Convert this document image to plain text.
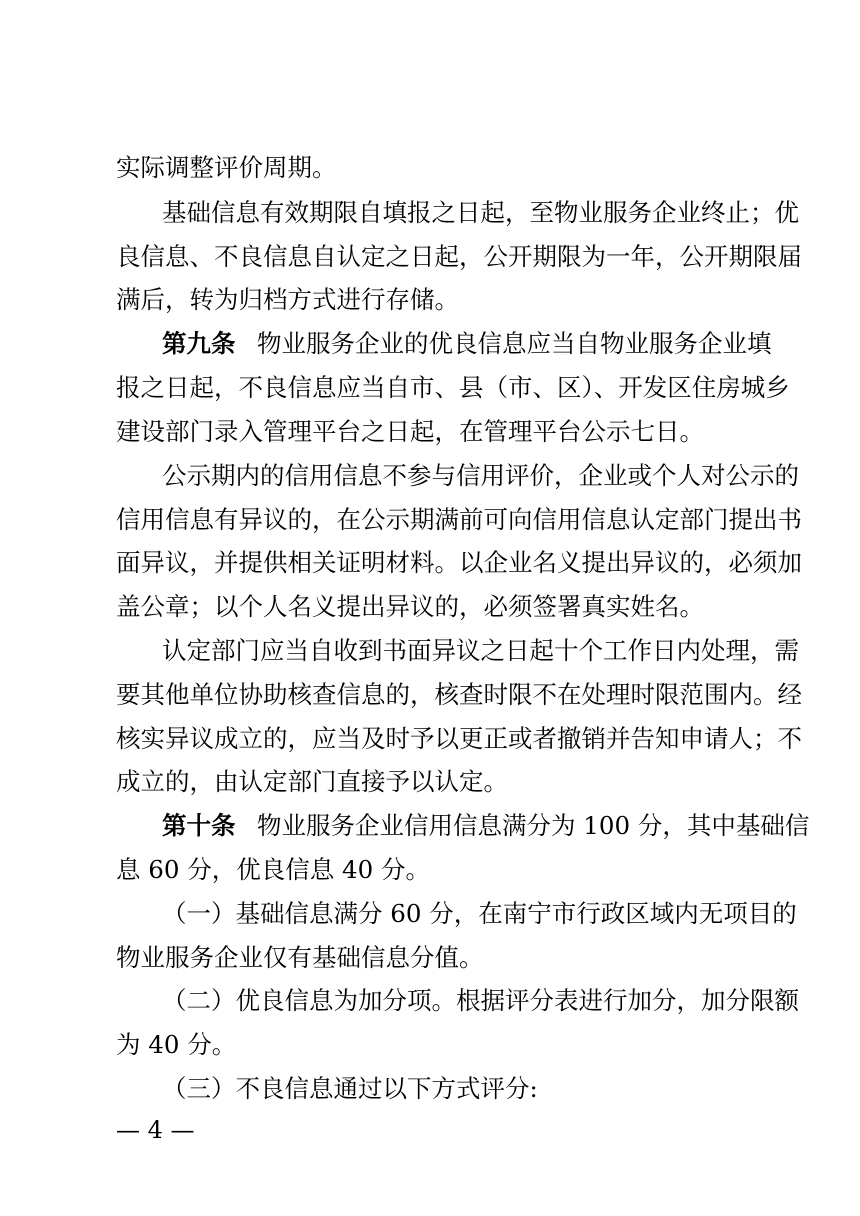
实际调整评价周期。
基础信息有效期限自填报之日起，至物业服务企业终止；优
良信息、不良信息自认定之日起，公开期限为一年，公开期限届
满后，转为归档方式进行存储。
第九条 物业服务企业的优良信息应当自物业服务企业填
报之日起，不良信息应当自市、县（市、区）、开发区住房城乡
建设部门录入管理平台之日起，在管理平台公示七日。
公示期内的信用信息不参与信用评价，企业或个人对公示的
信用信息有异议的，在公示期满前可向信用信息认定部门提出书
面异议，并提供相关证明材料。以企业名义提出异议的，必须加
盖公章；以个人名义提出异议的，必须签署真实姓名。
认定部门应当自收到书面异议之日起十个工作日内处理，需
要其他单位协助核查信息的，核查时限不在处理时限范围内。经
核实异议成立的，应当及时予以更正或者撤销并告知申请人；不
成立的，由认定部门直接予以认定。
第十条 物业服务企业信用信息满分为 100 分，其中基础信
息 60 分，优良信息 40 分。
（一）基础信息满分 60 分，在南宁市行政区域内无项目的
物业服务企业仅有基础信息分值。
（二）优良信息为加分项。根据评分表进行加分，加分限额
为 40 分。
（三）不良信息通过以下方式评分:
— 4 —
